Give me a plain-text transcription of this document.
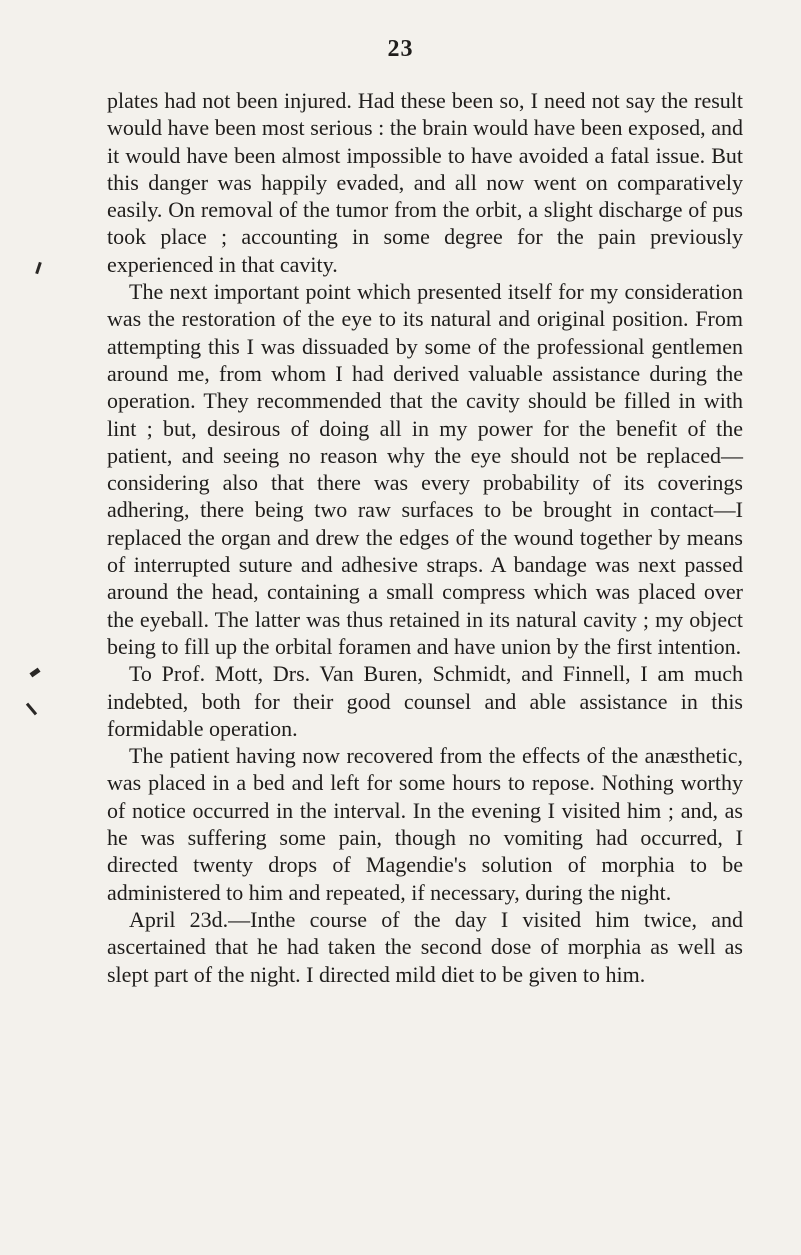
23

plates had not been injured. Had these been so, I need not say the result would have been most serious : the brain would have been exposed, and it would have been almost impossible to have avoided a fatal issue. But this danger was happily evaded, and all now went on comparatively easily. On removal of the tumor from the orbit, a slight discharge of pus took place ; accounting in some degree for the pain previously experienced in that cavity.

The next important point which presented itself for my consideration was the restoration of the eye to its natural and original position. From attempting this I was dissuaded by some of the professional gentlemen around me, from whom I had derived valuable assistance during the operation. They recommended that the cavity should be filled in with lint ; but, desirous of doing all in my power for the benefit of the patient, and seeing no reason why the eye should not be replaced—considering also that there was every probability of its coverings adhering, there being two raw surfaces to be brought in contact—I replaced the organ and drew the edges of the wound together by means of interrupted suture and adhesive straps. A bandage was next passed around the head, containing a small compress which was placed over the eyeball. The latter was thus retained in its natural cavity ; my object being to fill up the orbital foramen and have union by the first intention.

To Prof. Mott, Drs. Van Buren, Schmidt, and Finnell, I am much indebted, both for their good counsel and able assistance in this formidable operation.

The patient having now recovered from the effects of the anæsthetic, was placed in a bed and left for some hours to repose. Nothing worthy of notice occurred in the interval. In the evening I visited him ; and, as he was suffering some pain, though no vomiting had occurred, I directed twenty drops of Magendie's solution of morphia to be administered to him and repeated, if necessary, during the night.

April 23d.—Inthe course of the day I visited him twice, and ascertained that he had taken the second dose of morphia as well as slept part of the night. I directed mild diet to be given to him.
